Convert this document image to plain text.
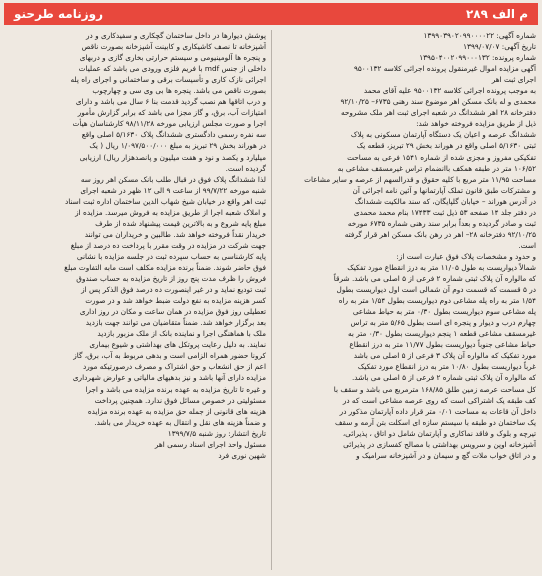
روزنامه طرحنو	م الف ۲۸۹
شماره آگهی: ۱۳۹۹۰۳۹۰۲۰۹۹۰۰۰۰۲۲
تاریخ آگهی: ۱۳۹۹/۰۷/۰۷
شماره پرونده: ۱۳۹۵۰۴۰۰۲۰۹۹۰۰۰۱۳۲
آگهی مزایده اموال غیرمنقول پرونده اجرائی کلاسه ۹۵۰۰۱۳۲
اجرای ثبت اهر
به موجب پرونده اجرائی کلاسه ۹۵۰۰۱۳۲ علیه آقای محمد
محمدی و له بانک مسکن اهر موضوع سند رهنی ۶۷۳۵– ۹۲/۱۰/۲۵
دفترخانه ۲۸ اهر ششدانگ در شعبه اجرای ثبت اهر ملک مشروحه
ذیل از طریق مزایده فروخته خواهد شد:
ششدانگ عرصه و اعیان یک دستگاه آپارتمان مسکونی به پلاک
ثبتی ۵/۱۶۳۰ اصلی واقع در هوراند بخش ۲۹ تبریز، قطعه یک
تفکیکی مفروز و مجزی شده از شماره ۱۵۴۱ فرعی به مساحت
۱۰۶/۵۲ متر در طبقه همکف باانضمام تراس غیرمسقف مشاعی به
مساحت ۱۱/۹۵ متر مربع با کلیه حقوق و قدرالسهم از عرصه و سایر مشاعات
و مشترکات طبق قانون تملک آپارتمانها و آئین نامه اجرائی آن
در آدرس هوراند – خیابان گلپایگان، که سند مالکیت ششدانگ
در دفتر جلد ۱۴ صفحه ۵۳ ذیل ثبت ۱۷۴۳۳ بنام محمد محمدی
ثبت و صادر گردیده و بعداً برابر سند رهنی شماره ۶۷۳۵ مورخه
۹۲/۱۰/۲۵ دفترخانه ۲۸– اهر در رهن بانک مسکن اهر قرار گرفته
است.
و حدود و مشخصات پلاک فوق عبارت است از:
شمالاً دیواریست به طول ۱۱/۰۵ متر به درز انقطاع مورد تفکیک
که مالواره آن پلاک ثبتی شماره ۲ فرعی از ۵ اصلی می باشد. شرقاً
در ۵ قسمت که قسمت دوم آن شمالی است اول دیواریست بطول
۱/۵۴ متر به راه پله مشاعی دوم دیواریست بطول ۱/۵۴ متر به راه
پله مشاعی سوم دیواریست بطول ۰/۳۰ متر به حیاط مشاعی
چهارم درب و دیوار و پنجره ای است بطول ۵/۶۵ متر به تراس
غیرمسقف مشاعی قطعه ۱ پنجم دیواریست بطول ۰/۳۰ متر به
حیاط مشاعی جنوباً دیواریست بطول ۱۱/۷۷ متر به درز انقطاع
مورد تفکیک که مالواره آن پلاک ۳ فرعی از ۵ اصلی می باشد
غرباً دیواریست بطول ۱۰/۸۰ متر به درز انقطاع مورد تفکیک
که مالواره آن پلاک ثبتی شماره ۲ فرعی از ۵ اصلی می باشد.
کل مساحت عرصه زمین طلق ۱۶۸/۸۵ مترمربع می باشد و سقف با
کف طبقه یک اشتراکی است که روی عرصه مشاعی است که در
داخل آن قاعات به مساحت ۰/۰۱ متر قرار داده آپارتمان مذکور در
یک ساختمان دو طبقه با سیستم سازه ای اسکلت بتن آرمه و سقف
تیرچه و بلوک و فاقد نماکاری و آپارتمان شامل دو اتاق ، پذیرائی،
آشپزخانه اوپن و سرویس بهداشتی با مصالح کفسازی در پذیرائی
و در اتاق خواب ملات گچ و سیمان و در آشپزخانه سرامیک و
پوشش دیوارها در داخل ساختمان گچکاری و سفیدکاری و در
آشپزخانه تا نصف کاشیکاری و کابینت آشپزخانه بصورت ناقص
و پنجره ها آلومینیومی و سیستم حرارتی بخاری گازی و دربهای
داخلی از جنس mdf با فریم فلزی ورودی می باشد که عملیات
اجرائی نازک کاری و تأسیسات برقی و ساختمانی و اجرای راه پله
بصورت ناقص می باشد. پنجره ها بی وی سی و چهارچوب
و درب اتاقها هم نصب گردید قدمت بنا ۶ سال می باشد و دارای
امتیازات آب، برق، و گاز مجزا می باشد که برابر گزارش مأمور
اجرا و صورت مجلس ارزیابی مورخه ۹۸/۱۱/۲۸ کارشناسان هیأت
سه نفره رسمی دادگستری ششدانگ پلاک ۵/۱۶۳۰ اصلی واقع
در هوراند بخش ۲۹ تبریز به مبلغ ۱/۰۹۷/۵۰۰/۰۰۰ ریال ( یک
میلیارد و یکصد و نود و هفت میلیون و پانصدهزار ریال) ارزیابی
گردیده است.
لذا ششدانگ پلاک فوق در قبال طلب بانک مسکن اهر روز سه
شنبه مورخه ۹۹/۷/۲۲ از ساعت ۹ الی ۱۲ ظهر در شعبه اجرای
ثبت اهر واقع در خیابان شیخ شهاب الدین ساختمان اداره ثبت اسناد
و املاک شعبه اجرا از طریق مزایده به فروش میرسد. مزایده از
مبلغ پایه شروع و به بالاترین قیمت پیشنهاد شده از طرف
خریدار نقداً فروخته خواهد شد. طالبین و خریداران می توانند
جهت شرکت در مزایده در وقت مقرر با پرداخت ده درصد از مبلغ
پایه کارشناسی به حساب سپرده ثبت در جلسه مزایده با نشانی
فوق حاضر شوند. ضمناً برنده مزایده مکلف است مابه التفاوت مبلغ
فروش را ظرف مدت پنج روز از تاریخ مزایده به حساب صندوق
ثبت تودیع نماید و در غیر اینصورت ده درصد فوق الذکر پس از
کسر هزینه مزایده به نفع دولت ضبط خواهد شد و در صورت
تعطیلی روز فوق مزایده در همان ساعت و مکان در روز اداری
بعد برگزار خواهد شد. ضمناً متقاضیان می توانند جهت بازدید
ملک با هماهنگی اجرا و نماینده بانک از ملک مزبور بازدید
نمایند. به دلیل رعایت پروتکل های بهداشتی و شیوع بیماری
کرونا حضور همراه الزامی است و بدهی مربوط به آب، برق، گاز
اعم از حق انشعاب و حق اشتراک و مصرف درصورتیکه مورد
مزایده دارای آنها باشد و نیز بدهیهای مالیاتی و عوارض شهرداری
و غیره تا تاریخ مزایده به عهده برنده مزایده می باشد و اجرا
مسئولیتی در خصوص مسائل فوق ندارد. همچنین پرداخت
هزینه های قانونی از جمله حق مزایده به عهده برنده مزایده
و ضمناً هزینه های نقل و انتقال به عهده خریدار می باشد.
تاریخ انتشار: روز شنبه ۱۳۹۹/۷/۵
مسئول واحد اجرای اسناد رسمی اهر
شهین نوری فرد
